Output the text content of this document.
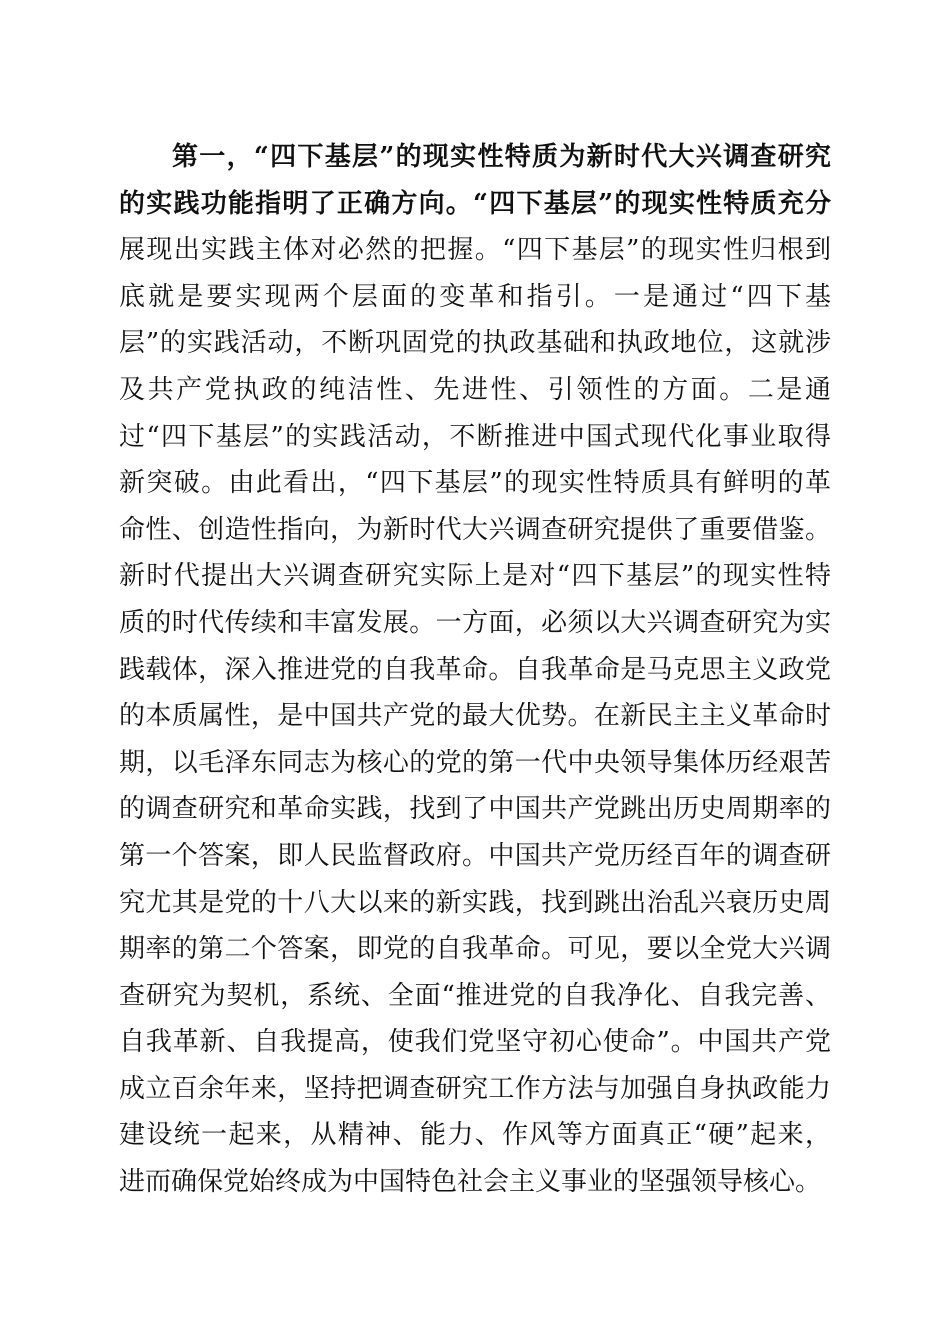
第一，“四下基层”的现实性特质为新时代大兴调查研究
的实践功能指明了正确方向。“四下基层”的现实性特质充分
展现出实践主体对必然的把握。“四下基层”的现实性归根到
底就是要实现两个层面的变革和指引。一是通过“四下基
层”的实践活动，不断巩固党的执政基础和执政地位，这就涉
及共产党执政的纯洁性、先进性、引领性的方面。二是通
过“四下基层”的实践活动，不断推进中国式现代化事业取得
新突破。由此看出，“四下基层”的现实性特质具有鲜明的革
命性、创造性指向，为新时代大兴调查研究提供了重要借鉴。
新时代提出大兴调查研究实际上是对“四下基层”的现实性特
质的时代传续和丰富发展。一方面，必须以大兴调查研究为实
践载体，深入推进党的自我革命。自我革命是马克思主义政党
的本质属性，是中国共产党的最大优势。在新民主主义革命时
期，以毛泽东同志为核心的党的第一代中央领导集体历经艰苦
的调查研究和革命实践，找到了中国共产党跳出历史周期率的
第一个答案，即人民监督政府。中国共产党历经百年的调查研
究尤其是党的十八大以来的新实践，找到跳出治乱兴衰历史周
期率的第二个答案，即党的自我革命。可见，要以全党大兴调
查研究为契机，系统、全面“推进党的自我净化、自我完善、
自我革新、自我提高，使我们党坚守初心使命”。中国共产党
成立百余年来，坚持把调查研究工作方法与加强自身执政能力
建设统一起来，从精神、能力、作风等方面真正“硬”起来，
进而确保党始终成为中国特色社会主义事业的坚强领导核心。
